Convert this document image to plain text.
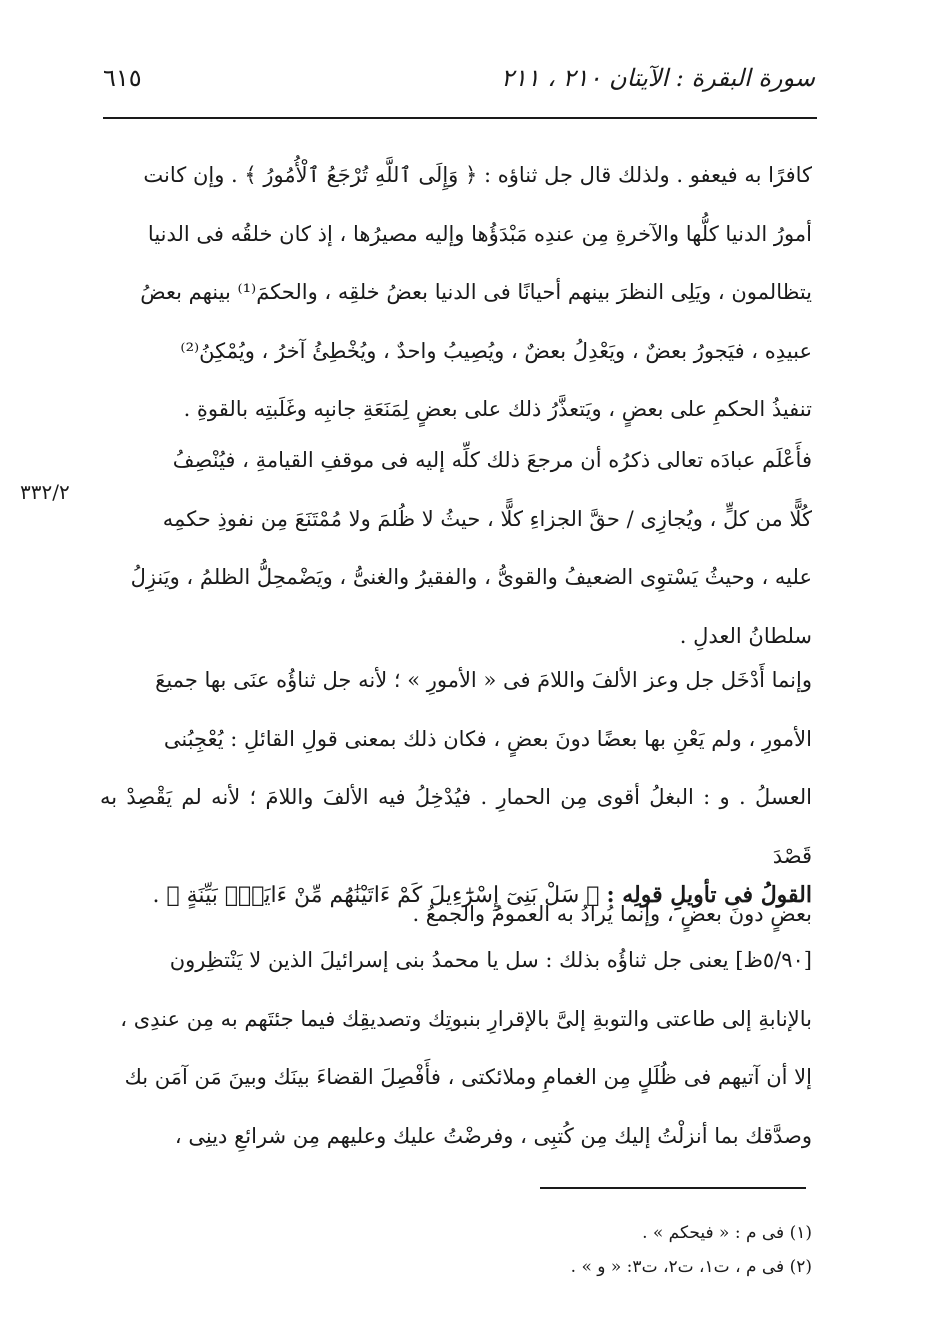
٦١٥	سورة البقرة : الآيتان ٢١٠ ، ٢١١
٣٣٢/٢

كافرًا به فيعفو . ولذلك قال جل ثناؤه : ﴿ وَإِلَى ٱللَّهِ تُرْجَعُ ٱلْأُمُورُ ﴾ . وإن كانت

أمورُ الدنيا كلُّها والآخرةِ مِن عندِه مَبْدَؤُها وإليه مصيرُها ، إذ كان خلقُه فى الدنيا

يتظالمون ، ويَلِى النظرَ بينهم أحيانًا فى الدنيا بعضُ خلقِه ، والحكمَ⁽¹⁾ بينهم بعضُ

عبيدِه ، فيَجورُ بعضٌ ، ويَعْدِلُ بعضٌ ، ويُصِيبُ واحدٌ ، ويُخْطِئُ آخرُ ، ويُمْكِنُ⁽²⁾

تنفيذُ الحكمِ على بعضٍ ، ويَتعذَّرُ ذلك على بعضٍ لِمَنَعَةِ جانبِه وغَلَبتِه بالقوةِ .

فأَعْلَم عبادَه تعالى ذكرُه أن مرجعَ ذلك كلِّه إليه فى موقفِ القيامةِ ، فيُنْصِفُ

كُلًّا من كلٍّ ، ويُجازِى / حقَّ الجزاءِ كلًّا ، حيثُ لا ظُلمَ ولا مُمْتَنَعَ مِن نفوذِ حكمِه

عليه ، وحيثُ يَسْتوِى الضعيفُ والقوىُّ ، والفقيرُ والغنىُّ ، ويَضْمحِلُّ الظلمُ ، ويَنزِلُ

سلطانُ العدلِ .

وإنما أَدْخَل جل وعز الألفَ واللامَ فى « الأمورِ » ؛ لأنه جل ثناؤُه عنَى بها جميعَ

الأمورِ ، ولم يَعْنِ بها بعضًا دونَ بعضٍ ، فكان ذلك بمعنى قولِ القائلِ : يُعْجِبُنى

العسلُ . و : البغلُ أقوى مِن الحمارِ . فيُدْخِلُ فيه الألفَ واللامَ ؛ لأنه لم يَقْصِدْ به قَصْدَ

بعضٍ دونَ بعضٍ ، وإنما يُرادُ به العمومُ والجمعُ .

القولُ فى تأويلِ قولِه : ﴿ سَلْ بَنِىٓ إِسْرَٰٓءِيلَ كَمْ ءَاتَيْنَٰهُم مِّنْ ءَايَةٍۭ بَيِّنَةٍ ﴾ .

[٥/٩٠ظ] يعنى جل ثناؤُه بذلك : سل يا محمدُ بنى إسرائيلَ الذين لا يَنْتظِرون

بالإنابةِ إلى طاعتى والتوبةِ إلىَّ بالإقرارِ بنبوتِك وتصديقِك فيما جئتَهم به مِن عندِى ،

إلا أن آتيهم فى ظُلَلٍ مِن الغمامِ وملائكتى ، فأَفْصِلَ القضاءَ بينَك وبينَ مَن آمَن بك

وصدَّقك بما أنزلْتُ إليك مِن كُتبِى ، وفرضْتُ عليك وعليهم مِن شرائعِ دينِى ،

(١) فى م : « فيحكم » .
(٢) فى م ، ت١، ت٢، ت٣: « و » .
